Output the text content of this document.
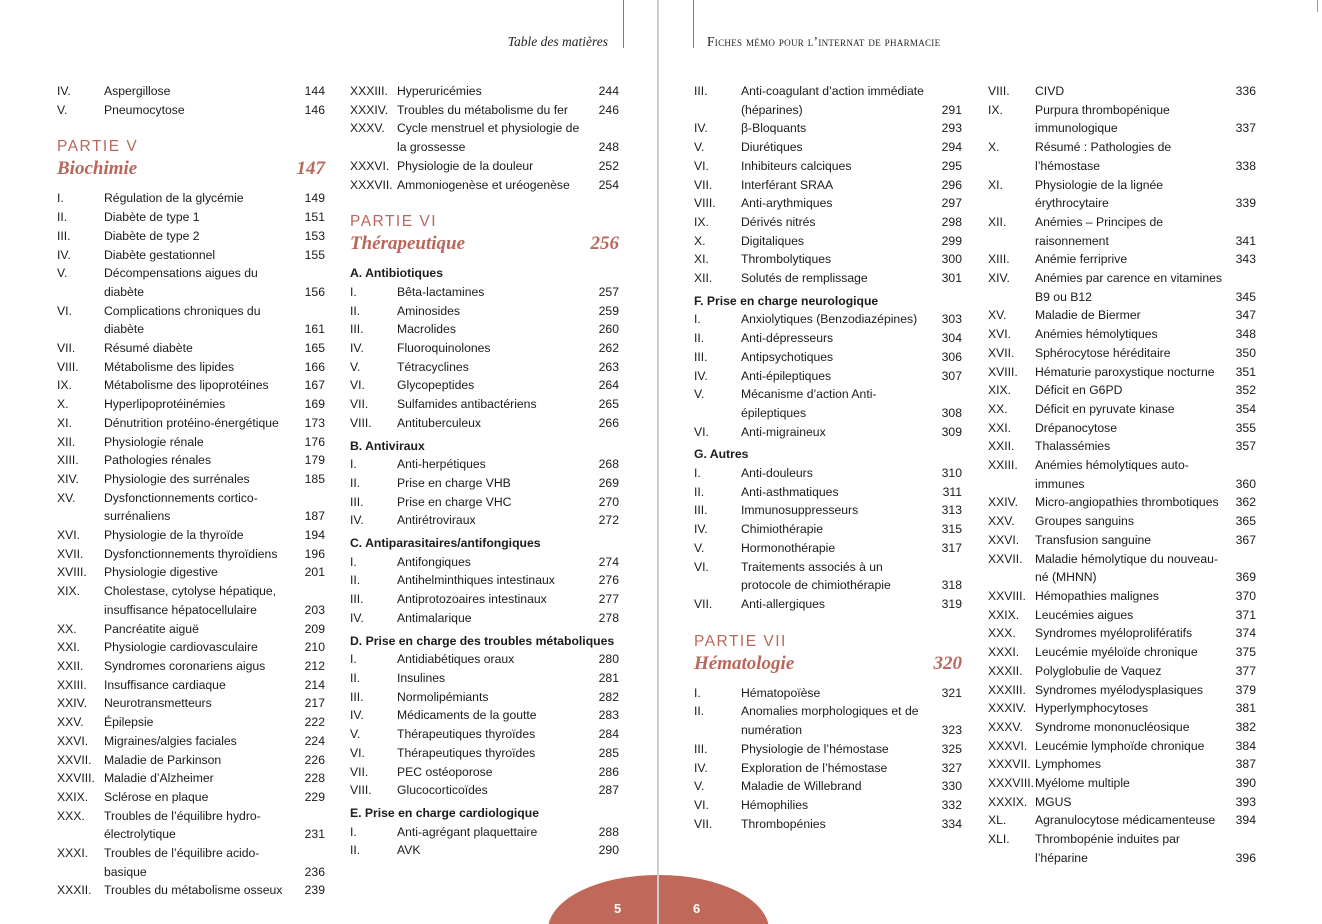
Table des matières
IV.	Aspergillose	144
V.	Pneumocytose	146
PARTIE V
Biochimie	147
I.	Régulation de la glycémie	149
II.	Diabète de type 1	151
III.	Diabète de type 2	153
IV.	Diabète gestationnel	155
V.	Décompensations aigues du diabète	156
VI.	Complications chroniques du diabète	161
VII.	Résumé diabète	165
VIII.	Métabolisme des lipides	166
IX.	Métabolisme des lipoprotéines	167
X.	Hyperlipoprotéinémies	169
XI.	Dénutrition protéino-énergétique	173
XII.	Physiologie rénale	176
XIII.	Pathologies rénales	179
XIV.	Physiologie des surrénales	185
XV.	Dysfonctionnements cortico-surrénaliens	187
XVI.	Physiologie de la thyroïde	194
XVII.	Dysfonctionnements thyroïdiens	196
XVIII.	Physiologie digestive	201
XIX.	Cholestase, cytolyse hépatique, insuffisance hépatocellulaire	203
XX.	Pancréatite aiguë	209
XXI.	Physiologie cardiovasculaire	210
XXII.	Syndromes coronariens aigus	212
XXIII.	Insuffisance cardiaque	214
XXIV.	Neurotransmetteurs	217
XXV.	Épilepsie	222
XXVI.	Migraines/algies faciales	224
XXVII.	Maladie de Parkinson	226
XXVIII. Maladie d’Alzheimer	228
XXIX.	Sclérose en plaque	229
XXX.	Troubles de l’équilibre hydro-électrolytique	231
XXXI.	Troubles de l’équilibre acido-basique	236
XXXII.	Troubles du métabolisme osseux	239
XXXIII. Hyperuricémies	244
XXXIV. Troubles du métabolisme du fer	246
XXXV.	Cycle menstruel et physiologie de la grossesse	248
XXXVI. Physiologie de la douleur	252
XXXVII. Ammoniogenèse et uréogenèse	254
PARTIE VI
Thérapeutique	256
A. Antibiotiques
I.	Bêta-lactamines	257
II.	Aminosides	259
III.	Macrolides	260
IV.	Fluoroquinolones	262
V.	Tétracyclines	263
VI.	Glycopeptides	264
VII.	Sulfamides antibactériens	265
VIII.	Antituberculeux	266
B. Antiviraux
I.	Anti-herpétiques	268
II.	Prise en charge VHB	269
III.	Prise en charge VHC	270
IV.	Antirétroviraux	272
C. Antiparasitaires/antifongiques
I.	Antifongiques	274
II.	Antihelminthiques intestinaux	276
III.	Antiprotozoaires intestinaux	277
IV.	Antimalarique	278
D. Prise en charge des troubles métaboliques
I.	Antidiabétiques oraux	280
II.	Insulines	281
III.	Normolipémiants	282
IV.	Médicaments de la goutte	283
V.	Thérapeutiques thyroïdes	284
VI.	Thérapeutiques thyroïdes	285
VII.	PEC ostéoporose	286
VIII.	Glucocorticoïdes	287
E. Prise en charge cardiologique
I.	Anti-agrégant plaquettaire	288
II.	AVK	290
5
Fiches mémo pour l’internat de pharmacie
III.	Anti-coagulant d’action immédiate (héparines)	291
IV.	β-Bloquants	293
V.	Diurétiques	294
VI.	Inhibiteurs calciques	295
VII.	Interférant SRAA	296
VIII.	Anti-arythmiques	297
IX.	Dérivés nitrés	298
X.	Digitaliques	299
XI.	Thrombolytiques	300
XII.	Solutés de remplissage	301
F. Prise en charge neurologique
I.	Anxiolytiques (Benzodiazépines)	303
II.	Anti-dépresseurs	304
III.	Antipsychotiques	306
IV.	Anti-épileptiques	307
V.	Mécanisme d’action Anti-épileptiques	308
VI.	Anti-migraineux	309
G. Autres
I.	Anti-douleurs	310
II.	Anti-asthmatiques	311
III.	Immunosuppresseurs	313
IV.	Chimiothérapie	315
V.	Hormonothérapie	317
VI.	Traitements associés à un protocole de chimiothérapie	318
VII.	Anti-allergiques	319
PARTIE VII
Hématologie	320
I.	Hématopoïèse	321
II.	Anomalies morphologiques et de numération	323
III.	Physiologie de l’hémostase	325
IV.	Exploration de l’hémostase	327
V.	Maladie de Willebrand	330
VI.	Hémophilies	332
VII.	Thrombopénies	334
VIII.	CIVD	336
IX.	Purpura thrombopénique immunologique	337
X.	Résumé : Pathologies de l’hémostase	338
XI.	Physiologie de la lignée érythrocytaire	339
XII.	Anémies – Principes de raisonnement	341
XIII.	Anémie ferriprive	343
XIV.	Anémies par carence en vitamines B9 ou B12	345
XV.	Maladie de Biermer	347
XVI.	Anémies hémolytiques	348
XVII.	Sphérocytose héréditaire	350
XVIII.	Hématurie paroxystique nocturne	351
XIX.	Déficit en G6PD	352
XX.	Déficit en pyruvate kinase	354
XXI.	Drépanocytose	355
XXII.	Thalassémies	357
XXIII.	Anémies hémolytiques auto-immunes	360
XXIV.	Micro-angiopathies thrombotiques	362
XXV.	Groupes sanguins	365
XXVI.	Transfusion sanguine	367
XXVII.	Maladie hémolytique du nouveau-né (MHNN)	369
XXVIII. Hémopathies malignes	370
XXIX.	Leucémies aigues	371
XXX.	Syndromes myéloprolifératifs	374
XXXI.	Leucémie myéloïde chronique	375
XXXII.	Polyglobulie de Vaquez	377
XXXIII. Syndromes myélodysplasiques	379
XXXIV. Hyperlymphocytoses	381
XXXV.	Syndrome mononucléosique	382
XXXVI. Leucémie lymphoïde chronique	384
XXXVII. Lymphomes	387
XXXVIII. Myélome multiple	390
XXXIX. MGUS	393
XL.	Agranulocytose médicamenteuse	394
XLI.	Thrombopénie induites par l’héparine	396
6
